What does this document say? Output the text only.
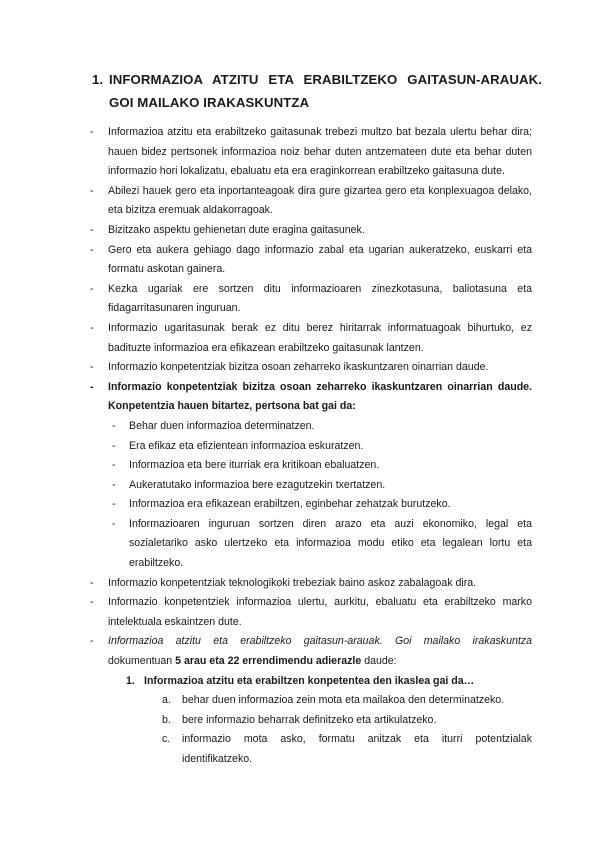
1. INFORMAZIOA ATZITU ETA ERABILTZEKO GAITASUN-ARAUAK.
GOI MAILAKO IRAKASKUNTZA
- Informazioa atzitu eta erabiltzeko gaitasunak trebezi multzo bat bezala ulertu behar dira; hauen bidez pertsonek informazioa noiz behar duten antzemateen dute eta behar duten informazio hori lokalizatu, ebaluatu eta era eraginkorrean erabiltzeko gaitasuna dute.
- Abilezi hauek gero eta inportanteagoak dira gure gizartea gero eta konplexuagoa delako, eta bizitza eremuak aldakorragoak.
- Bizitzako aspektu gehienetan dute eragina gaitasunek.
- Gero eta aukera gehiago dago informazio zabal eta ugarian aukeratzeko, euskarri eta formatu askotan gainera.
- Kezka ugariak ere sortzen ditu informazioaren zinezkotasuna, baliotasuna eta fidagarritasunaren inguruan.
- Informazio ugaritasunak berak ez ditu berez hiritarrak informatuagoak bihurtuko, ez badituzte informazioa era efikazean erabiltzeko gaitasunak lantzen.
- Informazio konpetentziak bizitza osoan zeharreko ikaskuntzaren oinarrian daude.
- Informazio konpetentziak bizitza osoan zeharreko ikaskuntzaren oinarrian daude. Konpetentzia hauen bitartez, pertsona bat gai da:
- Behar duen informazioa determinatzen.
- Era efikaz eta efizientean informazioa eskuratzen.
- Informazioa eta bere iturriak era kritikoan ebaluatzen.
- Aukeratutako informazioa bere ezagutzekin txertatzen.
- Informazioa era efikazean erabiltzen, eginbehar zehatzak burutzeko.
- Informazioaren inguruan sortzen diren arazo eta auzi ekonomiko, legal eta sozialetariko asko ulertzeko eta informazioa modu etiko eta legalean lortu eta erabiltzeko.
- Informazio konpetentziak teknologikoki trebeziak baino askoz zabalagoak dira.
- Informazio konpetentziek informazioa ulertu, aurkitu, ebaluatu eta erabiltzeko marko intelektuala eskaintzen dute.
- Informazioa atzitu eta erabiltzeko gaitasun-arauak. Goi mailako irakaskuntza dokumentuan 5 arau eta 22 errendimendu adierazle daude:
1. Informazioa atzitu eta erabiltzen konpetentea den ikaslea gai da…
a. behar duen informazioa zein mota eta mailakoa den determinatzeko.
b. bere informazio beharrak definitzeko eta artikulatzeko.
c. informazio mota asko, formatu anitzak eta iturri potentzialak identifikatzeko.
